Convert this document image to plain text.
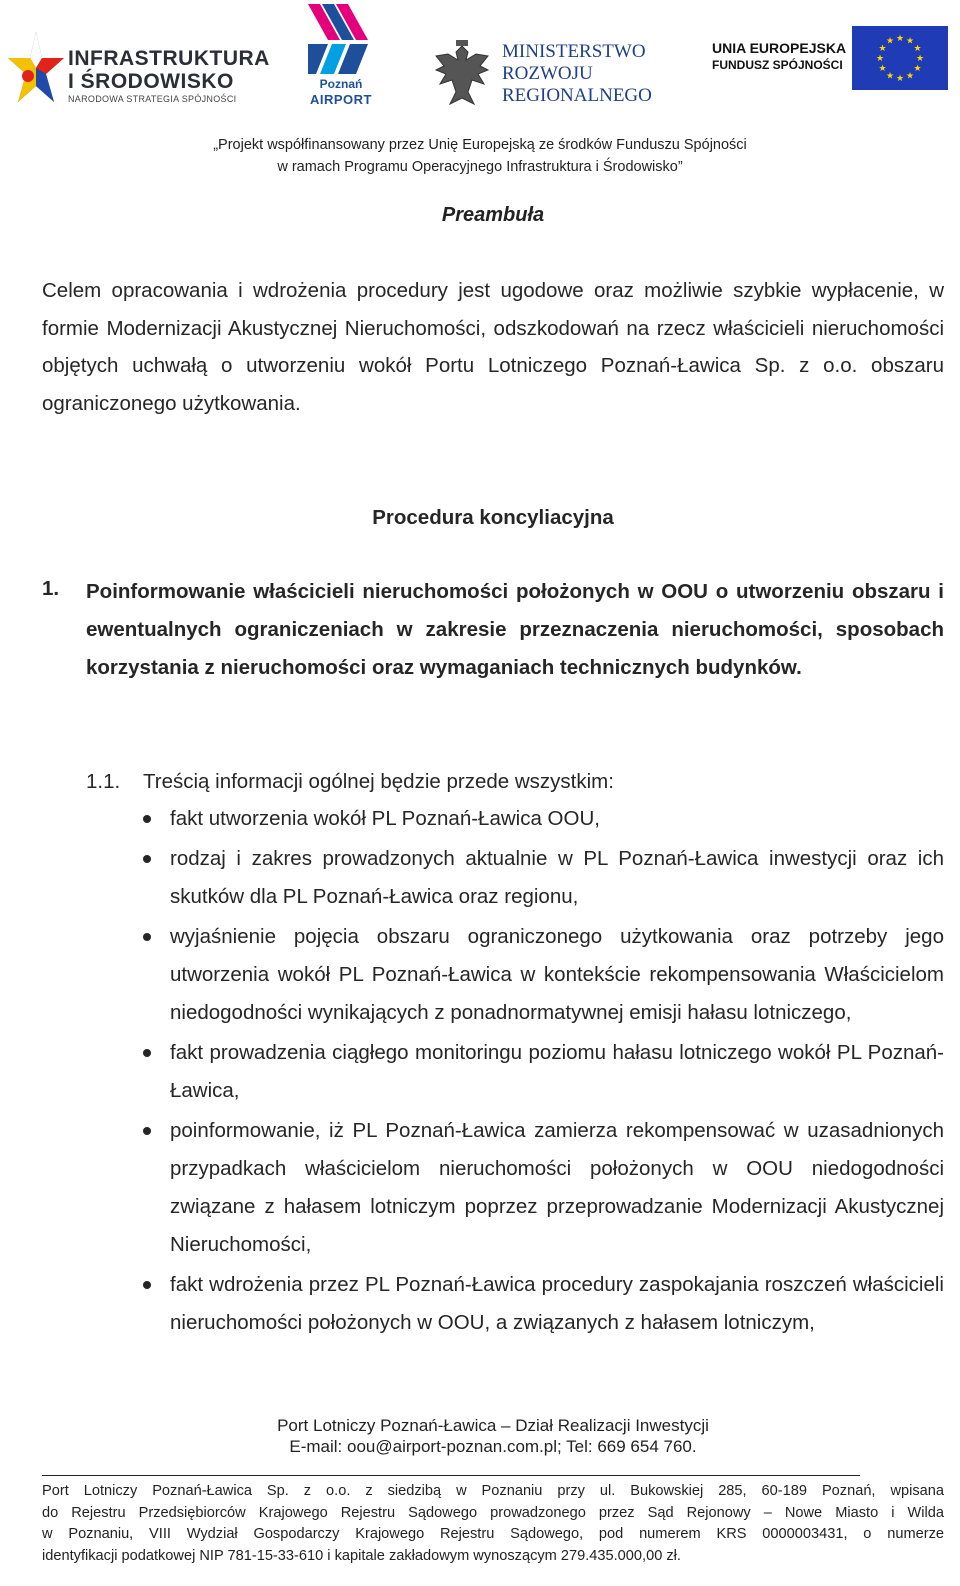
INFRASTRUKTURA
I ŚRODOWISKO
NARODOWA STRATEGIA SPÓJNOŚCI
Poznań
AIRPORT
MINISTERSTWO
ROZWOJU
REGIONALNEGO
UNIA EUROPEJSKA
FUNDUSZ SPÓJNOŚCI
★ ★
★
★
★
★
★
★
★
★
★
★
„Projekt współfinansowany przez Unię Europejską ze środków Funduszu Spójności
w ramach Programu Operacyjnego Infrastruktura i Środowisko”
Preambuła
Celem opracowania i wdrożenia procedury jest ugodowe oraz możliwie szybkie wypłacenie, w formie Modernizacji Akustycznej Nieruchomości, odszkodowań na rzecz właścicieli nieruchomości objętych uchwałą o utworzeniu wokół Portu Lotniczego Poznań-Ławica Sp. z o.o. obszaru ograniczonego użytkowania.
Procedura koncyliacyjna
1. Poinformowanie właścicieli nieruchomości położonych w OOU o utworzeniu obszaru i ewentualnych ograniczeniach w zakresie przeznaczenia nieruchomości, sposobach korzystania z nieruchomości oraz wymaganiach technicznych budynków.
1.1. Treścią informacji ogólnej będzie przede wszystkim:
fakt utworzenia wokół PL Poznań-Ławica OOU,
rodzaj i zakres prowadzonych aktualnie w PL Poznań-Ławica inwestycji oraz ich skutków dla PL Poznań-Ławica oraz regionu,
wyjaśnienie pojęcia obszaru ograniczonego użytkowania oraz potrzeby jego utworzenia wokół PL Poznań-Ławica w kontekście rekompensowania Właścicielom niedogodności wynikających z ponadnormatywnej emisji hałasu lotniczego,
fakt prowadzenia ciągłego monitoringu poziomu hałasu lotniczego wokół PL Poznań-Ławica,
poinformowanie, iż PL Poznań-Ławica zamierza rekompensować w uzasadnionych przypadkach właścicielom nieruchomości położonych w OOU niedogodności związane z hałasem lotniczym poprzez przeprowadzanie Modernizacji Akustycznej Nieruchomości,
fakt wdrożenia przez PL Poznań-Ławica procedury zaspokajania roszczeń właścicieli nieruchomości położonych w OOU, a związanych z hałasem lotniczym,
Port Lotniczy Poznań-Ławica – Dział Realizacji Inwestycji
E-mail: oou@airport-poznan.com.pl; Tel: 669 654 760.
Port Lotniczy Poznań-Ławica Sp. z o.o. z siedzibą w Poznaniu przy ul. Bukowskiej 285, 60-189 Poznań, wpisana
do Rejestru Przedsiębiorców Krajowego Rejestru Sądowego prowadzonego przez Sąd Rejonowy – Nowe Miasto i Wilda
w Poznaniu, VIII Wydział Gospodarczy Krajowego Rejestru Sądowego, pod numerem KRS 0000003431, o numerze
identyfikacji podatkowej NIP 781-15-33-610 i kapitale zakładowym wynoszącym 279.435.000,00 zł.
